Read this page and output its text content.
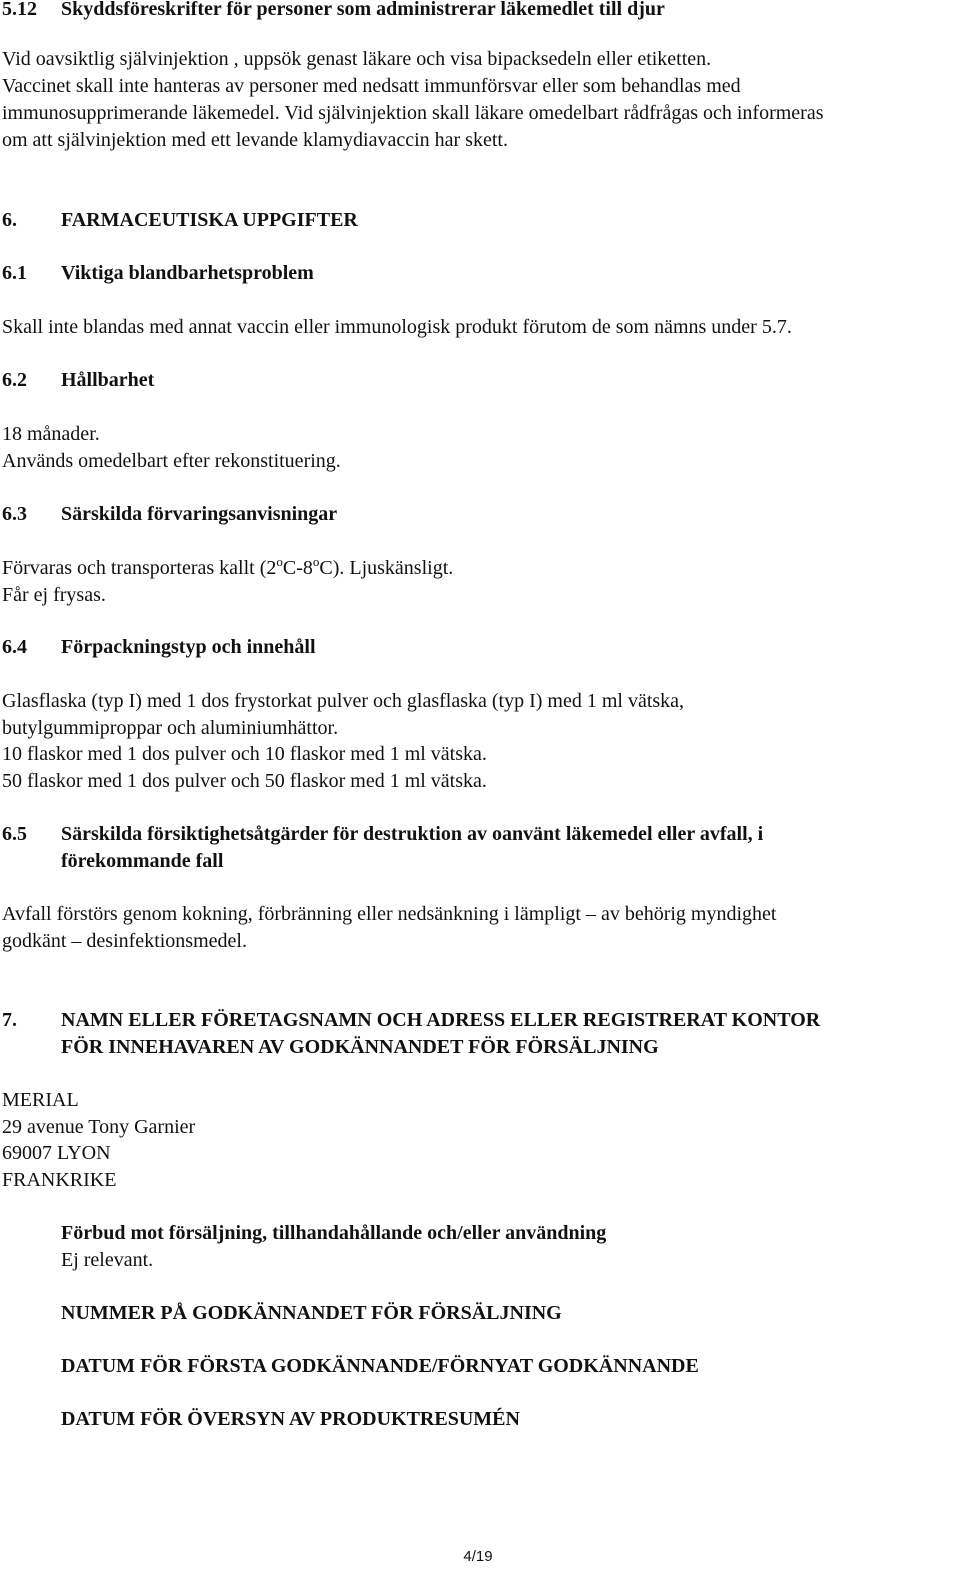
5.12 Skyddsföreskrifter för personer som administrerar läkemedlet till djur

Vid oavsiktlig självinjektion , uppsök genast läkare och visa bipacksedeln eller etiketten.

Vaccinet skall inte hanteras av personer med nedsatt immunförsvar eller som behandlas med

immunosupprimerande läkemedel. Vid självinjektion skall läkare omedelbart rådfrågas och informeras

om att självinjektion med ett levande klamydiavaccin har skett.

6. FARMACEUTISKA UPPGIFTER
6.1 Viktiga blandbarhetsproblem

Skall inte blandas med annat vaccin eller immunologisk produkt förutom de som nämns under 5.7.

6.2 Hållbarhet

18 månader.

Används omedelbart efter rekonstituering.

6.3 Särskilda förvaringsanvisningar

Förvaras och transporteras kallt (2$^o$C-8$^o$C). Ljuskänsligt.

Får ej frysas.

6.4 Förpackningstyp och innehåll

Glasflaska (typ I) med 1 dos frystorkat pulver och glasflaska (typ I) med 1 ml vätska,

butylgummiproppar och aluminiumhättor.

10 flaskor med 1 dos pulver och 10 flaskor med 1 ml vätska.

50 flaskor med 1 dos pulver och 50 flaskor med 1 ml vätska.

6.5 Särskilda försiktighetsåtgärder för destruktion av oanvänt läkemedel eller avfall, i
förekommande fall

Avfall förstörs genom kokning, förbränning eller nedsänkning i lämpligt – av behörig myndighet

godkänt – desinfektionsmedel.

7. NAMN ELLER FÖRETAGSNAMN OCH ADRESS ELLER REGISTRERAT KONTOR
FÖR INNEHAVAREN AV GODKÄNNANDET FÖR FÖRSÄLJNING

MERIAL

29 avenue Tony Garnier

69007 LYON

FRANKRIKE

Förbud mot försäljning, tillhandahållande och/eller användning

Ej relevant.

NUMMER PÅ GODKÄNNANDET FÖR FÖRSÄLJNING
DATUM FÖR FÖRSTA GODKÄNNANDE/FÖRNYAT GODKÄNNANDE
DATUM FÖR ÖVERSYN AV PRODUKTRESUMÉN
4/19
